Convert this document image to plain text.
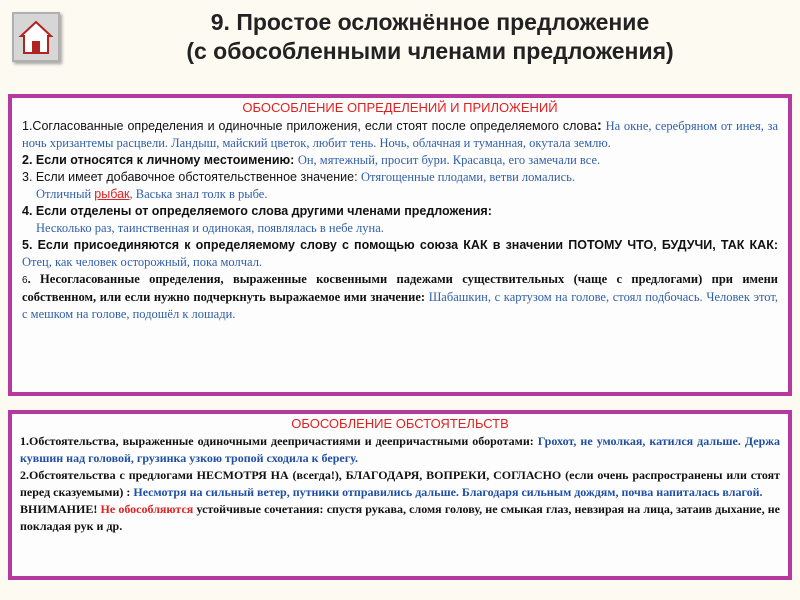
9. Простое осложнённое предложение
(с обособленными членами предложения)
ОБОСОБЛЕНИЕ ОПРЕДЕЛЕНИЙ И ПРИЛОЖЕНИЙ

1.Согласованные определения и одиночные приложения, если стоят после определяемого слова: На окне, серебряном от инея, за ночь хризантемы расцвели. Ландыш, майский цветок, любит тень. Ночь, облачная и туманная, окутала землю.

2. Если относятся к личному местоимению: Он, мятежный, просит бури. Красавца, его замечали все.

3. Если имеет добавочное обстоятельственное значение: Отягощенные плодами, ветви ломались.

Отличный рыбак, Васька знал толк в рыбе.

4. Если отделены от определяемого слова другими членами предложения:

Несколько раз, таинственная и одинокая, появлялась в небе луна.

5. Если присоединяются к определяемому слову с помощью союза КАК в значении ПОТОМУ ЧТО, БУДУЧИ, ТАК КАК: Отец, как человек осторожный, пока молчал.

6. Несогласованные определения, выраженные косвенными падежами существительных (чаще с предлогами) при имени собственном, или если нужно подчеркнуть выражаемое ими значение: Шабашкин, с картузом на голове, стоял подбочась. Человек этот, с мешком на голове, подошёл к лошади.

ОБОСОБЛЕНИЕ ОБСТОЯТЕЛЬСТВ

1.Обстоятельства, выраженные одиночными деепричастиями и деепричастными оборотами: Грохот, не умолкая, катился дальше. Держа кувшин над головой, грузинка узкою тропой сходила к берегу.

2.Обстоятельства с предлогами НЕСМОТРЯ НА (всегда!), БЛАГОДАРЯ, ВОПРЕКИ, СОГЛАСНО (если очень распространены или стоят перед сказуемыми) : Несмотря на сильный ветер, путники отправились дальше. Благодаря сильным дождям, почва напиталась влагой.

ВНИМАНИЕ! Не обособляются устойчивые сочетания: спустя рукава, сломя голову, не смыкая глаз, невзирая на лица, затаив дыхание, не покладая рук и др.
